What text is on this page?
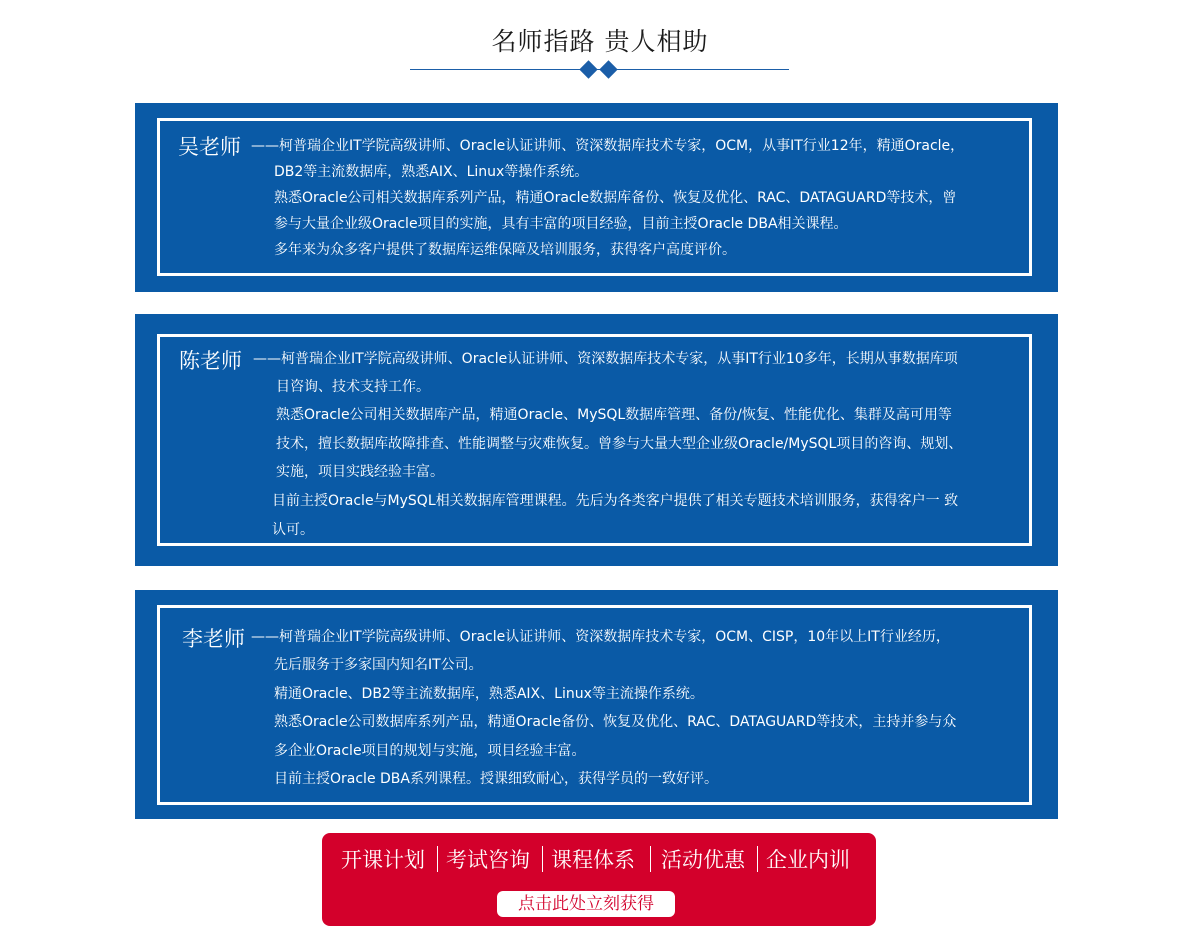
名师指路 贵人相助
吴老师 ——柯普瑞企业IT学院高级讲师、Oracle认证讲师、资深数据库技术专家，OCM，从事IT行业12年，精通Oracle，
DB2等主流数据库，熟悉AIX、Linux等操作系统。
熟悉Oracle公司相关数据库系列产品，精通Oracle数据库备份、恢复及优化、RAC、DATAGUARD等技术，曾
参与大量企业级Oracle项目的实施，具有丰富的项目经验，目前主授Oracle DBA相关课程。
多年来为众多客户提供了数据库运维保障及培训服务，获得客户高度评价。
陈老师 ——柯普瑞企业IT学院高级讲师、Oracle认证讲师、资深数据库技术专家，从事IT行业10多年，长期从事数据库项
目咨询、技术支持工作。
熟悉Oracle公司相关数据库产品，精通Oracle、MySQL数据库管理、备份/恢复、性能优化、集群及高可用等
技术，擅长数据库故障排查、性能调整与灾难恢复。曾参与大量大型企业级Oracle/MySQL项目的咨询、规划、
实施，项目实践经验丰富。
目前主授Oracle与MySQL相关数据库管理课程。先后为各类客户提供了相关专题技术培训服务，获得客户一 致
认可。
李老师 ——柯普瑞企业IT学院高级讲师、Oracle认证讲师、资深数据库技术专家，OCM、CISP，10年以上IT行业经历，
先后服务于多家国内知名IT公司。
精通Oracle、DB2等主流数据库，熟悉AIX、Linux等主流操作系统。
熟悉Oracle公司数据库系列产品，精通Oracle备份、恢复及优化、RAC、DATAGUARD等技术，主持并参与众
多企业Oracle项目的规划与实施，项目经验丰富。
目前主授Oracle DBA系列课程。授课细致耐心，获得学员的一致好评。
开课计划 考试咨询 课程体系 活动优惠 企业内训
点击此处立刻获得
